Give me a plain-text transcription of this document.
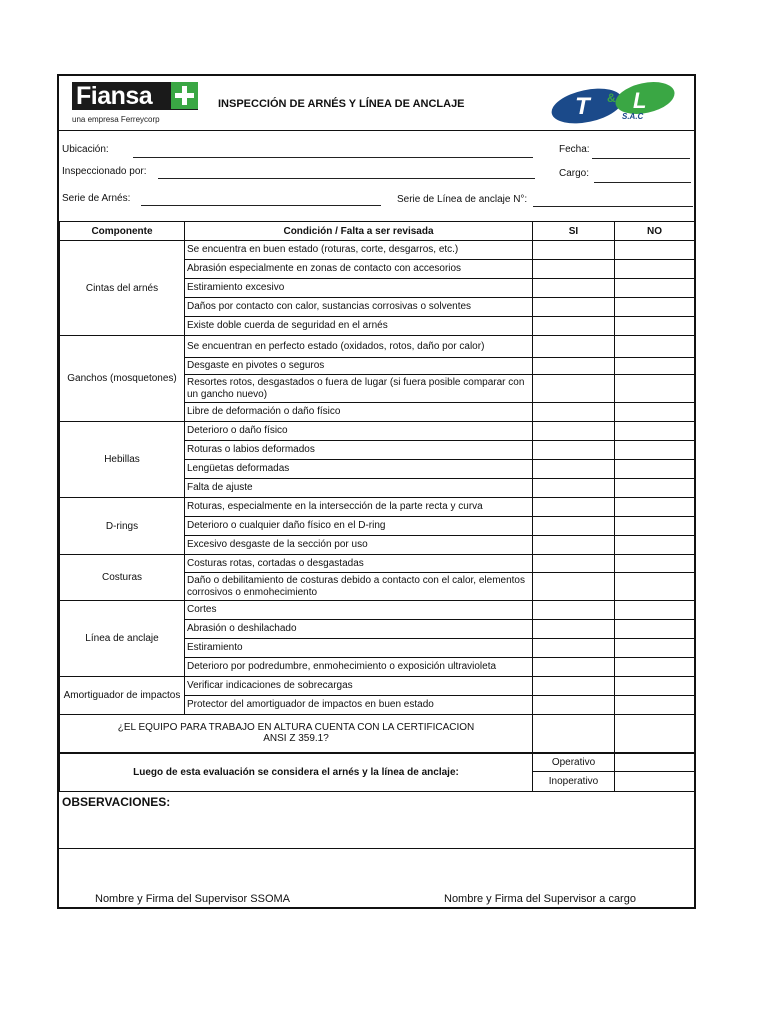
Fiansa
una empresa Ferreycorp
INSPECCIÓN DE ARNÉS Y LÍNEA DE ANCLAJE	T & L
S.A.C
Ubicación:	Fecha:
Inspeccionado por:	Cargo:
Serie de Arnés:	Serie de Línea de anclaje N°:
Componente	Condición / Falta a ser revisada	SI	NO
Cintas del arnés	Se encuentra en buen estado (roturas, corte, desgarros, etc.)		
	Abrasión especialmente en zonas de contacto con accesorios		
	Estiramiento excesivo		
	Daños por contacto con calor, sustancias corrosivas o solventes		
	Existe doble cuerda de seguridad en el arnés		
Ganchos (mosquetones)	Se encuentran en perfecto estado (oxidados, rotos, daño por calor)		
	Desgaste en pivotes o seguros		
	Resortes rotos, desgastados o fuera de lugar (si fuera posible comparar con un gancho nuevo)		
	Libre de deformación o daño físico		
Hebillas	Deterioro o daño físico		
	Roturas o labios deformados		
	Lengüetas deformadas		
	Falta de ajuste		
D-rings	Roturas, especialmente en la intersección de la parte recta y curva		
	Deterioro o cualquier daño físico en el D-ring		
	Excesivo desgaste de la sección por uso		
Costuras	Costuras rotas, cortadas o desgastadas		
	Daño o debilitamiento de costuras debido a contacto con el calor, elementos corrosivos o enmohecimiento		
Línea de anclaje	Cortes		
	Abrasión o deshilachado		
	Estiramiento		
	Deterioro por podredumbre, enmohecimiento o exposición ultravioleta		
Amortiguador de impactos	Verificar indicaciones de sobrecargas		
	Protector del amortiguador de impactos en buen estado		

¿EL EQUIPO PARA TRABAJO EN ALTURA CUENTA CON LA CERTIFICACION
ANSI Z 359.1?			

Luego de esta evaluación se considera el arnés y la línea de anclaje:		Operativo	
		Inoperativo	
OBSERVACIONES:
Nombre y Firma del Supervisor SSOMA	Nombre y Firma del Supervisor a cargo
